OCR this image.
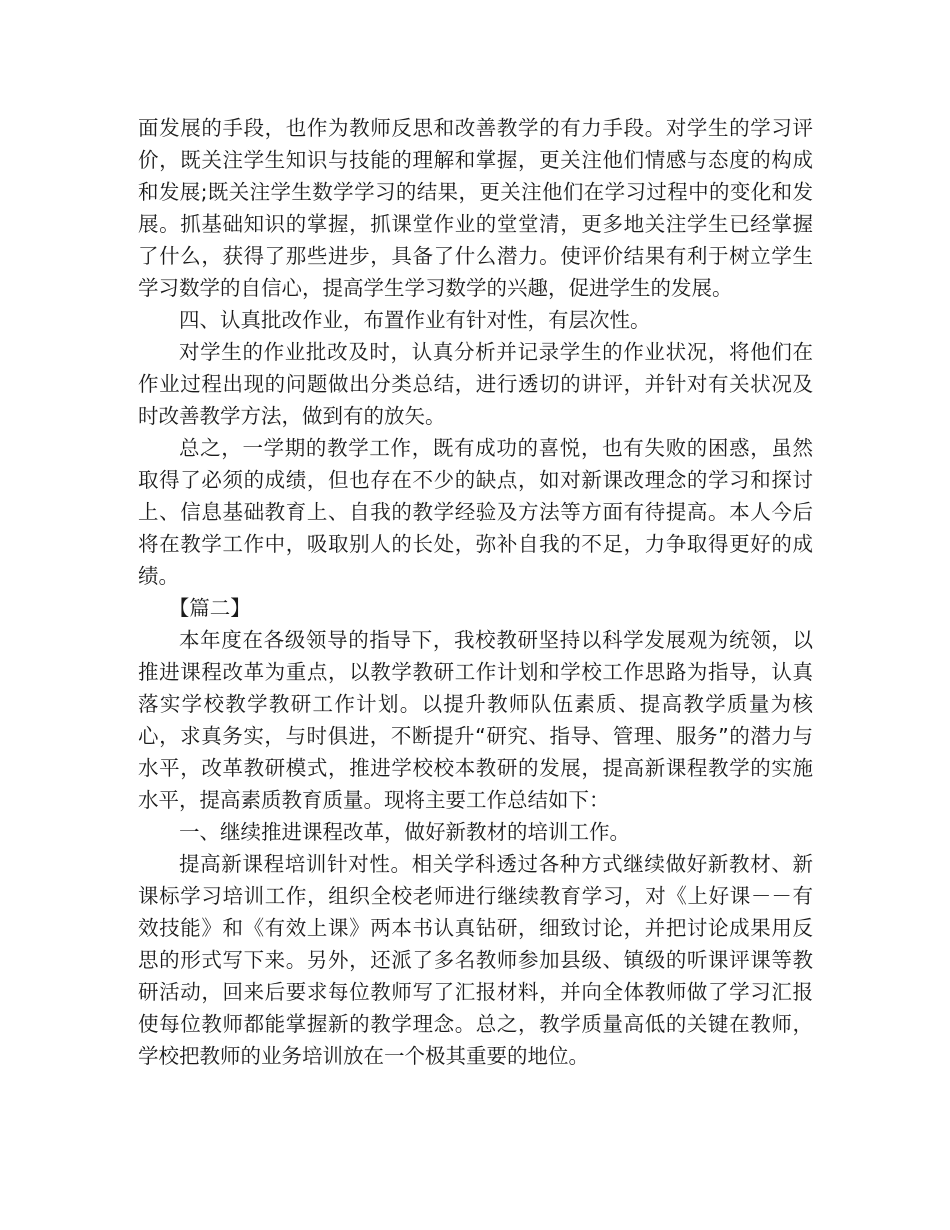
面发展的手段，也作为教师反思和改善教学的有力手段。对学生的学习评价，既关注学生知识与技能的理解和掌握，更关注他们情感与态度的构成和发展;既关注学生数学学习的结果，更关注他们在学习过程中的变化和发展。抓基础知识的掌握，抓课堂作业的堂堂清，更多地关注学生已经掌握了什么，获得了那些进步，具备了什么潜力。使评价结果有利于树立学生学习数学的自信心，提高学生学习数学的兴趣，促进学生的发展。

四、认真批改作业，布置作业有针对性，有层次性。

对学生的作业批改及时，认真分析并记录学生的作业状况，将他们在作业过程出现的问题做出分类总结，进行透切的讲评，并针对有关状况及时改善教学方法，做到有的放矢。

总之，一学期的教学工作，既有成功的喜悦，也有失败的困惑，虽然取得了必须的成绩，但也存在不少的缺点，如对新课改理念的学习和探讨上、信息基础教育上、自我的教学经验及方法等方面有待提高。本人今后将在教学工作中，吸取别人的长处，弥补自我的不足，力争取得更好的成绩。

【篇二】

本年度在各级领导的指导下，我校教研坚持以科学发展观为统领，以推进课程改革为重点，以教学教研工作计划和学校工作思路为指导，认真落实学校教学教研工作计划。以提升教师队伍素质、提高教学质量为核心，求真务实，与时俱进，不断提升“研究、指导、管理、服务”的潜力与水平，改革教研模式，推进学校校本教研的发展，提高新课程教学的实施水平，提高素质教育质量。现将主要工作总结如下：

一、继续推进课程改革，做好新教材的培训工作。

提高新课程培训针对性。相关学科透过各种方式继续做好新教材、新课标学习培训工作，组织全校老师进行继续教育学习，对《上好课－－有效技能》和《有效上课》两本书认真钻研，细致讨论，并把讨论成果用反思的形式写下来。另外，还派了多名教师参加县级、镇级的听课评课等教研活动，回来后要求每位教师写了汇报材料，并向全体教师做了学习汇报使每位教师都能掌握新的教学理念。总之，教学质量高低的关键在教师，学校把教师的业务培训放在一个极其重要的地位。
